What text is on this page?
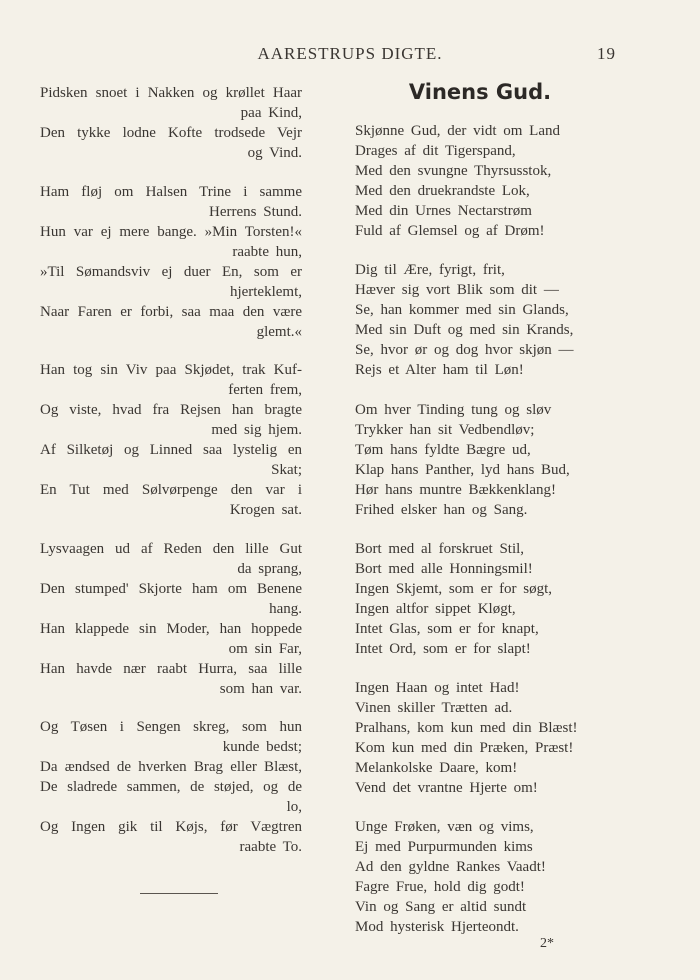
AARESTRUPS DIGTE.	19
Pidsken snoet i Nakken og krøllet Haar
paa Kind,
Den tykke lodne Kofte trodsede Vejr
og Vind.
Ham fløj om Halsen Trine i samme
Herrens Stund.
Hun var ej mere bange. »Min Torsten!«
raabte hun,
»Til Sømandsviv ej duer En, som er
hjerteklemt,
Naar Faren er forbi, saa maa den være
glemt.«
Han tog sin Viv paa Skjødet, trak Kuf-
ferten frem,
Og viste, hvad fra Rejsen han bragte
med sig hjem.
Af Silketøj og Linned saa lystelig en
Skat;
En Tut med Sølvørpenge den var i
Krogen sat.
Lysvaagen ud af Reden den lille Gut
da sprang,
Den stumped' Skjorte ham om Benene
hang.
Han klappede sin Moder, han hoppede
om sin Far,
Han havde nær raabt Hurra, saa lille
som han var.
Og Tøsen i Sengen skreg, som hun
kunde bedst;
Da ændsed de hverken Brag eller Blæst,
De sladrede sammen, de støjed, og de
lo,
Og Ingen gik til Køjs, før Vægtren
raabte To.
Vinens Gud.
Skjønne Gud, der vidt om Land
Drages af dit Tigerspand,
Med den svungne Thyrsusstok,
Med den druekrandste Lok,
Med din Urnes Nectarstrøm
Fuld af Glemsel og af Drøm!
Dig til Ære, fyrigt, frit,
Hæver sig vort Blik som dit —
Se, han kommer med sin Glands,
Med sin Duft og med sin Krands,
Se, hvor ør og dog hvor skjøn —
Rejs et Alter ham til Løn!
Om hver Tinding tung og sløv
Trykker han sit Vedbendløv;
Tøm hans fyldte Bægre ud,
Klap hans Panther, lyd hans Bud,
Hør hans muntre Bækkenklang!
Frihed elsker han og Sang.
Bort med al forskruet Stil,
Bort med alle Honningsmil!
Ingen Skjemt, som er for søgt,
Ingen altfor sippet Kløgt,
Intet Glas, som er for knapt,
Intet Ord, som er for slapt!
Ingen Haan og intet Had!
Vinen skiller Trætten ad.
Pralhans, kom kun med din Blæst!
Kom kun med din Præken, Præst!
Melankolske Daare, kom!
Vend det vrantne Hjerte om!
Unge Frøken, væn og vims,
Ej med Purpurmunden kims
Ad den gyldne Rankes Vaadt!
Fagre Frue, hold dig godt!
Vin og Sang er altid sundt
Mod hysterisk Hjerteondt.
2*
